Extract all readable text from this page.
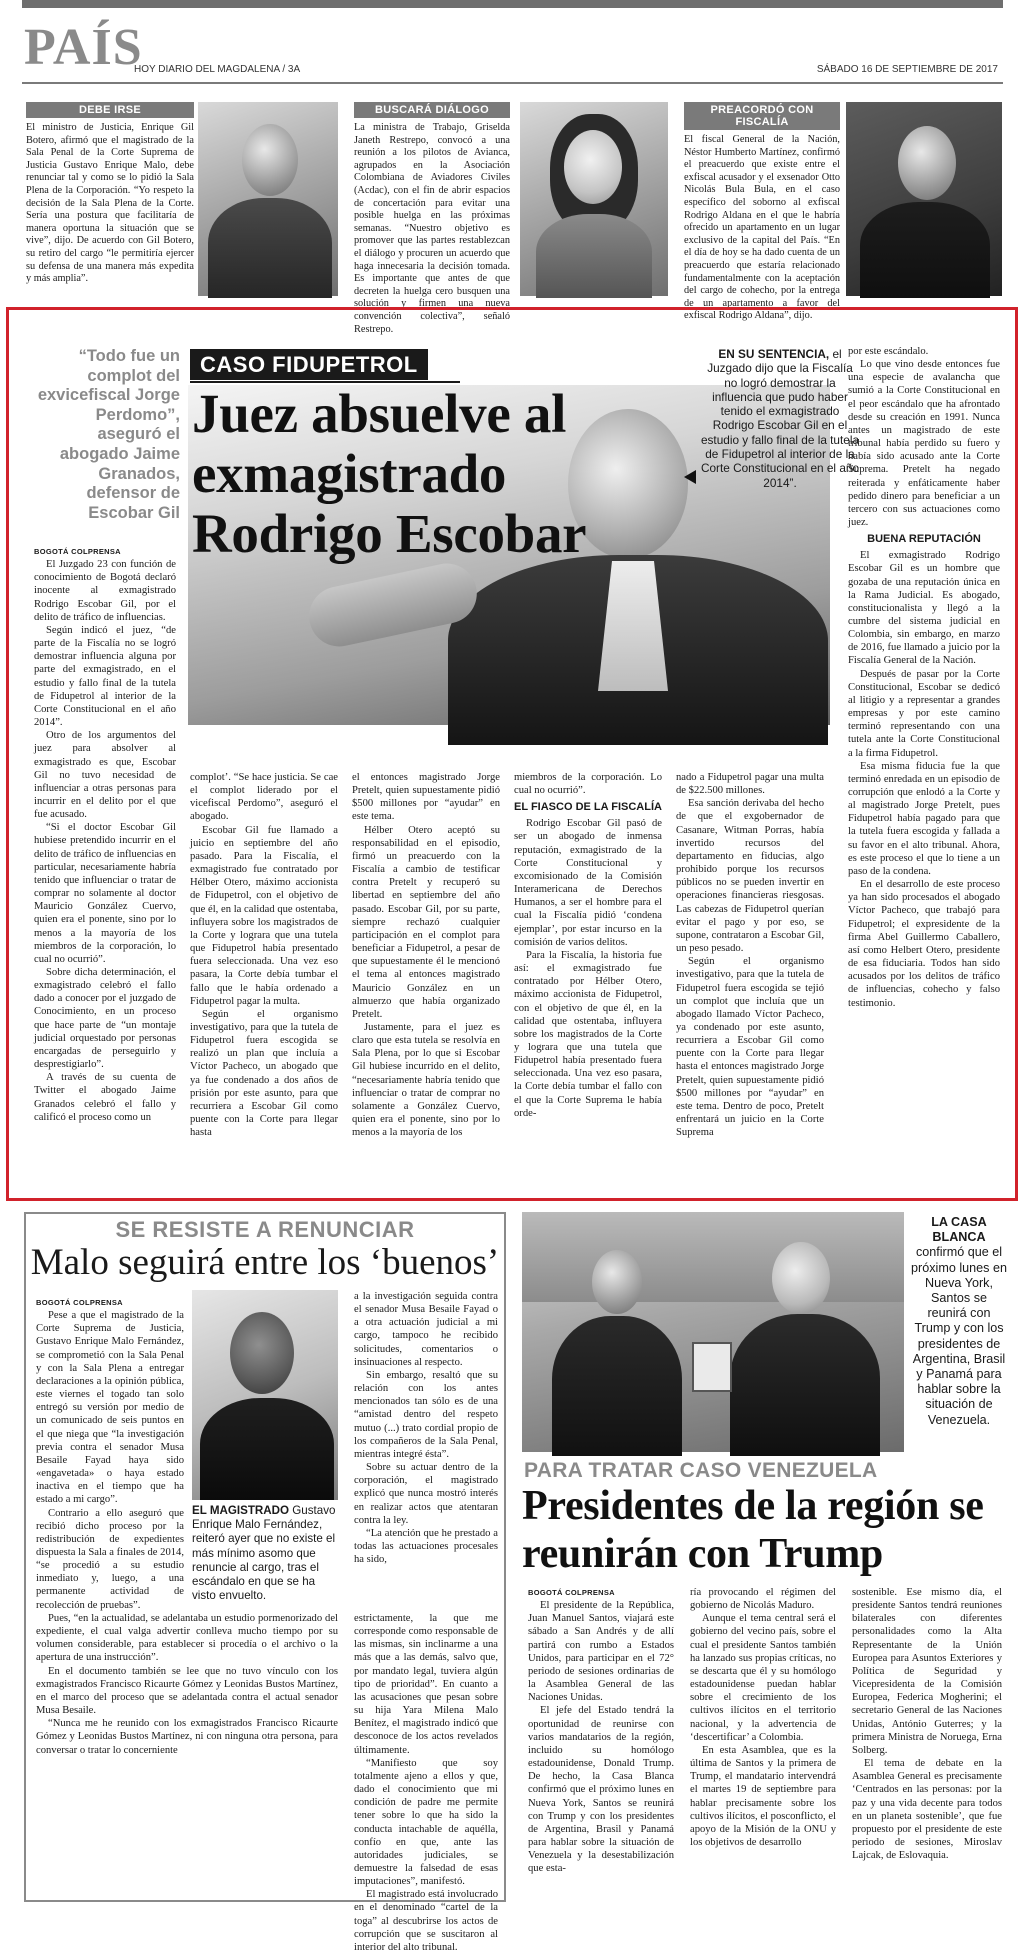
PAÍS
HOY DIARIO DEL MAGDALENA / 3A	SÁBADO 16 DE SEPTIEMBRE DE 2017
DEBE IRSE
El ministro de Justicia, Enrique Gil Botero, afirmó que el magistrado de la Sala Penal de la Corte Suprema de Justicia Gustavo Enrique Malo, debe renunciar tal y como se lo pidió la Sala Plena de la Corporación. “Yo respeto la decisión de la Sala Plena de la Corte. Sería una postura que facilitaría de manera oportuna la situación que se vive”, dijo. De acuerdo con Gil Botero, su retiro del cargo “le permitiría ejercer su defensa de una manera más expedita y más amplia”.
BUSCARÁ DIÁLOGO
La ministra de Trabajo, Griselda Janeth Restrepo, convocó a una reunión a los pilotos de Avianca, agrupados en la Asociación Colombiana de Aviadores Civiles (Acdac), con el fin de abrir espacios de concertación para evitar una posible huelga en las próximas semanas. “Nuestro objetivo es promover que las partes restablezcan el diálogo y procuren un acuerdo que haga innecesaria la decisión tomada. Es importante que antes de que decreten la huelga cero busquen una solución y firmen una nueva convención colectiva”, señaló Restrepo.
PREACORDÓ CON FISCALÍA
El fiscal General de la Nación, Néstor Humberto Martínez, confirmó el preacuerdo que existe entre el exfiscal acusador y el exsenador Otto Nicolás Bula Bula, en el caso específico del soborno al exfiscal Rodrigo Aldana en el que le habría ofrecido un apartamento en un lugar exclusivo de la capital del País. “En el día de hoy se ha dado cuenta de un preacuerdo que estaría relacionado fundamentalmente con la aceptación del cargo de cohecho, por la entrega de un apartamento a favor del exfiscal Rodrigo Aldana”, dijo.
“Todo fue un complot del exvicefiscal Jorge Perdomo”, aseguró el abogado Jaime Granados, defensor de Escobar Gil
CASO FIDUPETROL
Juez absuelve al exmagistrado Rodrigo Escobar
EN SU SENTENCIA, el Juzgado dijo que la Fiscalía no logró demostrar la influencia que pudo haber tenido el exmagistrado Rodrigo Escobar Gil en el estudio y fallo final de la tutela de Fidupetrol al interior de la Corte Constitucional en el año 2014”.

BOGOTÁ COLPRENSA

El Juzgado 23 con función de conocimiento de Bogotá declaró inocente al exmagistrado Rodrigo Escobar Gil, por el delito de tráfico de influencias.

Según indicó el juez, “de parte de la Fiscalía no se logró demostrar influencia alguna por parte del exmagistrado, en el estudio y fallo final de la tutela de Fidupetrol al interior de la Corte Constitucional en el año 2014”.

Otro de los argumentos del juez para absolver al exmagistrado es que, Escobar Gil no tuvo necesidad de influenciar a otras personas para incurrir en el delito por el que fue acusado.

“Si el doctor Escobar Gil hubiese pretendido incurrir en el delito de tráfico de influencias en particular, necesariamente habría tenido que influenciar o tratar de comprar no solamente al doctor Mauricio González Cuervo, quien era el ponente, sino por lo menos a la mayoría de los miembros de la corporación, lo cual no ocurrió”.

Sobre dicha determinación, el exmagistrado celebró el fallo dado a conocer por el juzgado de Conocimiento, en un proceso que hace parte de “un montaje judicial orquestado por personas encargadas de perseguirlo y desprestigiarlo”.

A través de su cuenta de Twitter el abogado Jaime Granados celebró el fallo y calificó el proceso como un

complot’. “Se hace justicia. Se cae el complot liderado por el vicefiscal Perdomo”, aseguró el abogado.

Escobar Gil fue llamado a juicio en septiembre del año pasado. Para la Fiscalía, el exmagistrado fue contratado por Hélber Otero, máximo accionista de Fidupetrol, con el objetivo de que él, en la calidad que ostentaba, influyera sobre los magistrados de la Corte y lograra que una tutela que Fidupetrol había presentado fuera seleccionada. Una vez eso pasara, la Corte debía tumbar el fallo que le había ordenado a Fidupetrol pagar la multa.

Según el organismo investigativo, para que la tutela de Fidupetrol fuera escogida se realizó un plan que incluía a Víctor Pacheco, un abogado que ya fue condenado a dos años de prisión por este asunto, para que recurriera a Escobar Gil como puente con la Corte para llegar hasta

el entonces magistrado Jorge Pretelt, quien supuestamente pidió $500 millones por “ayudar” en este tema.

Hélber Otero aceptó su responsabilidad en el episodio, firmó un preacuerdo con la Fiscalía a cambio de testificar contra Pretelt y recuperó su libertad en septiembre del año pasado. Escobar Gil, por su parte, siempre rechazó cualquier participación en el complot para beneficiar a Fidupetrol, a pesar de que supuestamente él le mencionó el tema al entonces magistrado Mauricio González en un almuerzo que había organizado Pretelt.

Justamente, para el juez es claro que esta tutela se resolvía en Sala Plena, por lo que si Escobar Gil hubiese incurrido en el delito, “necesariamente habría tenido que influenciar o tratar de comprar no solamente a González Cuervo, quien era el ponente, sino por lo menos a la mayoría de los

miembros de la corporación. Lo cual no ocurrió”.

EL FIASCO DE LA FISCALÍA

Rodrigo Escobar Gil pasó de ser un abogado de inmensa reputación, exmagistrado de la Corte Constitucional y excomisionado de la Comisión Interamericana de Derechos Humanos, a ser el hombre para el cual la Fiscalía pidió ‘condena ejemplar’, por estar incurso en la comisión de varios delitos.

Para la Fiscalía, la historia fue así: el exmagistrado fue contratado por Hélber Otero, máximo accionista de Fidupetrol, con el objetivo de que él, en la calidad que ostentaba, influyera sobre los magistrados de la Corte y lograra que una tutela que Fidupetrol había presentado fuera seleccionada. Una vez eso pasara, la Corte debía tumbar el fallo con el que la Corte Suprema le había orde-

nado a Fidupetrol pagar una multa de $22.500 millones.

Esa sanción derivaba del hecho de que el exgobernador de Casanare, Witman Porras, había invertido recursos del departamento en fiducias, algo prohibido porque los recursos públicos no se pueden invertir en operaciones financieras riesgosas. Las cabezas de Fidupetrol querían evitar el pago y por eso, se supone, contrataron a Escobar Gil, un peso pesado.

Según el organismo investigativo, para que la tutela de Fidupetrol fuera escogida se tejió un complot que incluía que un abogado llamado Víctor Pacheco, ya condenado por este asunto, recurriera a Escobar Gil como puente con la Corte para llegar hasta el entonces magistrado Jorge Pretelt, quien supuestamente pidió $500 millones por “ayudar” en este tema. Dentro de poco, Pretelt enfrentará un juicio en la Corte Suprema

por este escándalo.

Lo que vino desde entonces fue una especie de avalancha que sumió a la Corte Constitucional en el peor escándalo que ha afrontado desde su creación en 1991. Nunca antes un magistrado de este tribunal había perdido su fuero y había sido acusado ante la Corte Suprema. Pretelt ha negado reiterada y enfáticamente haber pedido dinero para beneficiar a un tercero con sus actuaciones como juez.

BUENA REPUTACIÓN

El exmagistrado Rodrigo Escobar Gil es un hombre que gozaba de una reputación única en la Rama Judicial. Es abogado, constitucionalista y llegó a la cumbre del sistema judicial en Colombia, sin embargo, en marzo de 2016, fue llamado a juicio por la Fiscalía General de la Nación.

Después de pasar por la Corte Constitucional, Escobar se dedicó al litigio y a representar a grandes empresas y por este camino terminó representando con una tutela ante la Corte Constitucional a la firma Fidupetrol.

Esa misma fiducia fue la que terminó enredada en un episodio de corrupción que enlodó a la Corte y al magistrado Jorge Pretelt, pues Fidupetrol había pagado para que la tutela fuera escogida y fallada a su favor en el alto tribunal. Ahora, es este proceso el que lo tiene a un paso de la condena.

En el desarrollo de este proceso ya han sido procesados el abogado Víctor Pacheco, que trabajó para Fidupetrol; el expresidente de la firma Abel Guillermo Caballero, así como Helbert Otero, presidente de esa fiduciaria. Todos han sido acusados por los delitos de tráfico de influencias, cohecho y falso testimonio.

SE RESISTE A RENUNCIAR
Malo seguirá entre los ‘buenos’

BOGOTÁ COLPRENSA

Pese a que el magistrado de la Corte Suprema de Justicia, Gustavo Enrique Malo Fernández, se comprometió con la Sala Penal y con la Sala Plena a entregar declaraciones a la opinión pública, este viernes el togado tan solo entregó su versión por medio de un comunicado de seis puntos en el que niega que “la investigación previa contra el senador Musa Besaile Fayad haya sido «engavetada» o haya estado inactiva en el tiempo que ha estado a mi cargo”.

Contrario a ello aseguró que recibió dicho proceso por la redistribución de expedientes dispuesta la Sala a finales de 2014, “se procedió a su estudio inmediato y, luego, a una permanente actividad de recolección de pruebas”.

EL MAGISTRADO Gustavo Enrique Malo Fernández, reiteró ayer que no existe el más mínimo asomo que renuncie al cargo, tras el escándalo en que se ha visto envuelto.

a la investigación seguida contra el senador Musa Besaile Fayad o a otra actuación judicial a mi cargo, tampoco he recibido solicitudes, comentarios o insinuaciones al respecto.

Sin embargo, resaltó que su relación con los antes mencionados tan sólo es de una “amistad dentro del respeto mutuo (...) trato cordial propio de los compañeros de la Sala Penal, mientras integré ésta”.

Sobre su actuar dentro de la corporación, el magistrado explicó que nunca mostró interés en realizar actos que atentaran contra la ley.

“La atención que he prestado a todas las actuaciones procesales ha sido,

Pues, “en la actualidad, se adelantaba un estudio pormenorizado del expediente, el cual valga advertir conlleva mucho tiempo por su volumen considerable, para establecer si procedía o el archivo o la apertura de una instrucción”.

En el documento también se lee que no tuvo vínculo con los exmagistrados Francisco Ricaurte Gómez y Leonidas Bustos Martínez, en el marco del proceso que se adelantada contra el actual senador Musa Besaile.

“Nunca me he reunido con los exmagistrados Francisco Ricaurte Gómez y Leonidas Bustos Martínez, ni con ninguna otra persona, para conversar o tratar lo concerniente

estrictamente, la que me corresponde como responsable de las mismas, sin inclinarme a una más que a las demás, salvo que, por mandato legal, tuviera algún tipo de prioridad”. En cuanto a las acusaciones que pesan sobre su hija Yara Milena Malo Benítez, el magistrado indicó que desconoce de los actos revelados últimamente.

“Manifiesto que soy totalmente ajeno a ellos y que, dado el conocimiento que mi condición de padre me permite tener sobre lo que ha sido la conducta intachable de aquélla, confío en que, ante las autoridades judiciales, se demuestre la falsedad de esas imputaciones”, manifestó.

El magistrado está involucrado en el denominado “cartel de la toga” al descubrirse los actos de corrupción que se suscitaron al interior del alto tribunal.

LA CASA BLANCA confirmó que el próximo lunes en Nueva York, Santos se reunirá con Trump y con los presidentes de Argentina, Brasil y Panamá para hablar sobre la situación de Venezuela.
PARA TRATAR CASO VENEZUELA
Presidentes de la región se reunirán con Trump

BOGOTÁ COLPRENSA

El presidente de la República, Juan Manuel Santos, viajará este sábado a San Andrés y de allí partirá con rumbo a Estados Unidos, para participar en el 72° periodo de sesiones ordinarias de la Asamblea General de las Naciones Unidas.

El jefe del Estado tendrá la oportunidad de reunirse con varios mandatarios de la región, incluido su homólogo estadounidense, Donald Trump. De hecho, la Casa Blanca confirmó que el próximo lunes en Nueva York, Santos se reunirá con Trump y con los presidentes de Argentina, Brasil y Panamá para hablar sobre la situación de Venezuela y la desestabilización que esta-

ría provocando el régimen del gobierno de Nicolás Maduro.

Aunque el tema central será el gobierno del vecino país, sobre el cual el presidente Santos también ha lanzado sus propias críticas, no se descarta que él y su homólogo estadounidense puedan hablar sobre el crecimiento de los cultivos ilícitos en el territorio nacional, y la advertencia de ‘descertificar’ a Colombia.

En esta Asamblea, que es la última de Santos y la primera de Trump, el mandatario intervendrá el martes 19 de septiembre para hablar precisamente sobre los cultivos ilícitos, el posconflicto, el apoyo de la Misión de la ONU y los objetivos de desarrollo

sostenible. Ese mismo día, el presidente Santos tendrá reuniones bilaterales con diferentes personalidades como la Alta Representante de la Unión Europea para Asuntos Exteriores y Política de Seguridad y Vicepresidenta de la Comisión Europea, Federica Mogherini; el secretario General de las Naciones Unidas, António Guterres; y la primera Ministra de Noruega, Erna Solberg.

El tema de debate en la Asamblea General es precisamente ‘Centrados en las personas: por la paz y una vida decente para todos en un planeta sostenible’, que fue propuesto por el presidente de este periodo de sesiones, Miroslav Lajcak, de Eslovaquia.
